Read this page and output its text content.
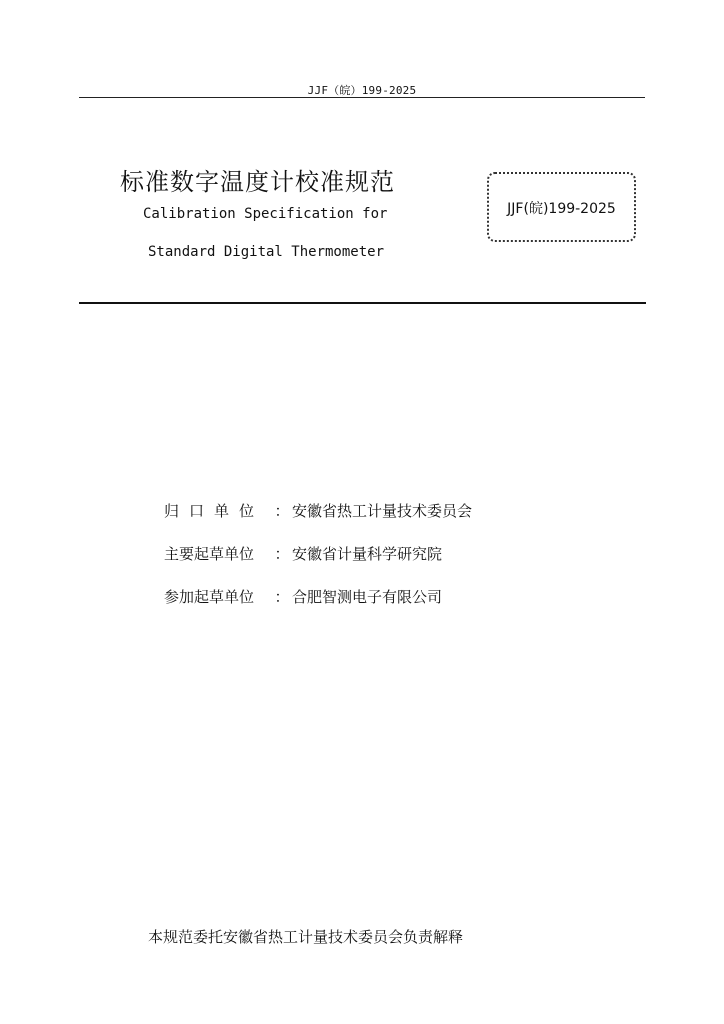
JJF（皖）199-2025
标准数字温度计校准规范
Calibration Specification for
Standard Digital Thermometer
JJF(皖)199-2025
归口单位 ： 安徽省热工计量技术委员会
主要起草单位	： 安徽省计量科学研究院
参加起草单位	： 合肥智测电子有限公司
本规范委托安徽省热工计量技术委员会负责解释
